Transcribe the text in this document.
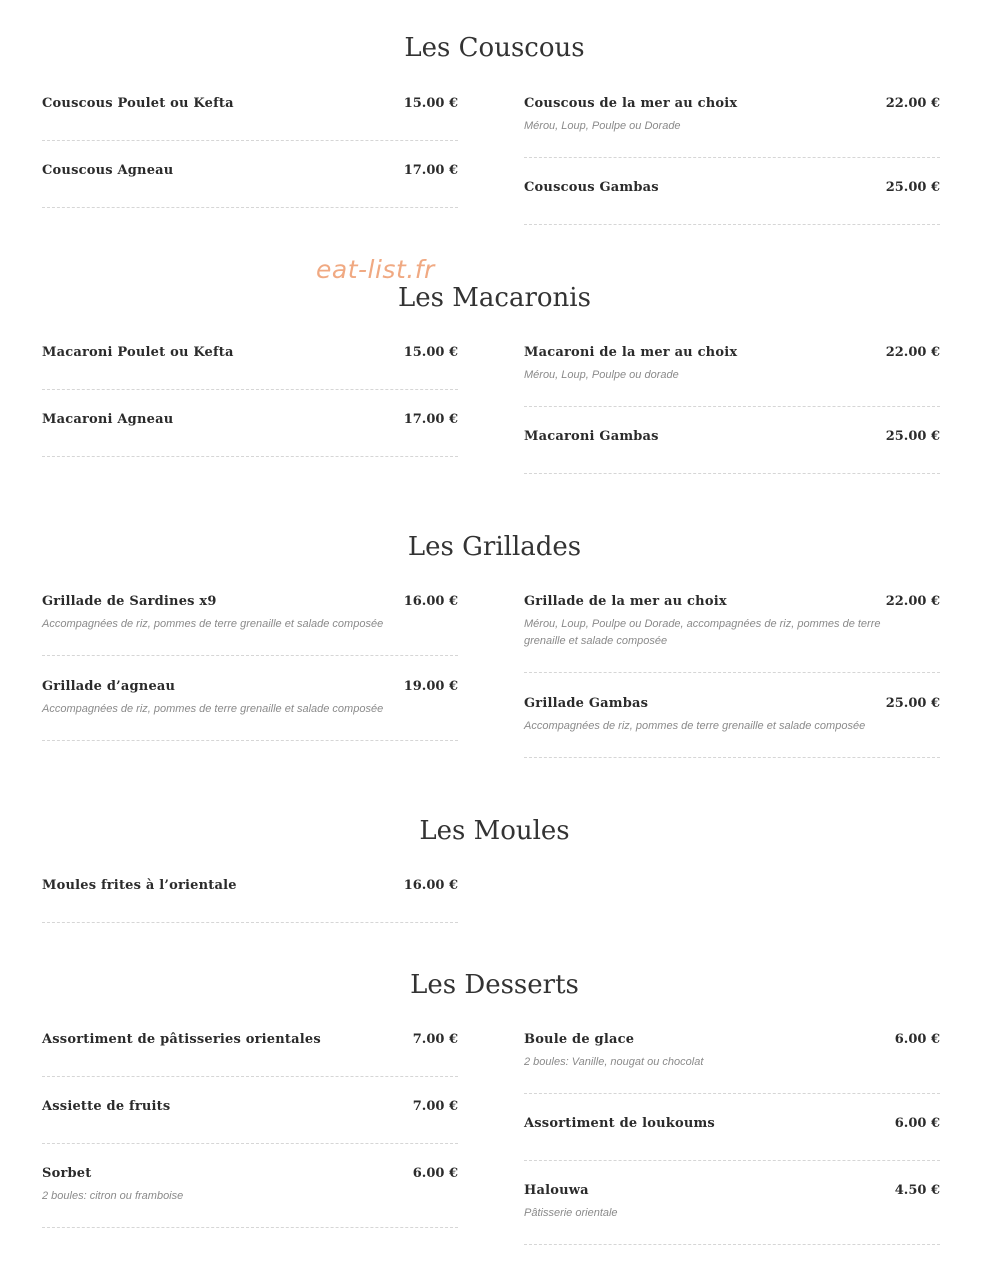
eat-list.fr
Les Couscous
Couscous Poulet ou Kefta	15.00 €
Couscous Agneau	17.00 €
Couscous de la mer au choix	22.00 €
Mérou, Loup, Poulpe ou Dorade
Couscous Gambas	25.00 €
Les Macaronis
Macaroni Poulet ou Kefta	15.00 €
Macaroni Agneau	17.00 €
Macaroni de la mer au choix	22.00 €
Mérou, Loup, Poulpe ou dorade
Macaroni Gambas	25.00 €
Les Grillades
Grillade de Sardines x9	16.00 €
Accompagnées de riz, pommes de terre grenaille et salade composée
Grillade d’agneau	19.00 €
Accompagnées de riz, pommes de terre grenaille et salade composée
Grillade de la mer au choix	22.00 €
Mérou, Loup, Poulpe ou Dorade, accompagnées de riz, pommes de terre grenaille et salade composée
Grillade Gambas	25.00 €
Accompagnées de riz, pommes de terre grenaille et salade composée
Les Moules
Moules frites à l’orientale	16.00 €
Les Desserts
Assortiment de pâtisseries orientales	7.00 €
Assiette de fruits	7.00 €
Sorbet	6.00 €
2 boules: citron ou framboise
Boule de glace	6.00 €
2 boules: Vanille, nougat ou chocolat
Assortiment de loukoums	6.00 €
Halouwa	4.50 €
Pâtisserie orientale
